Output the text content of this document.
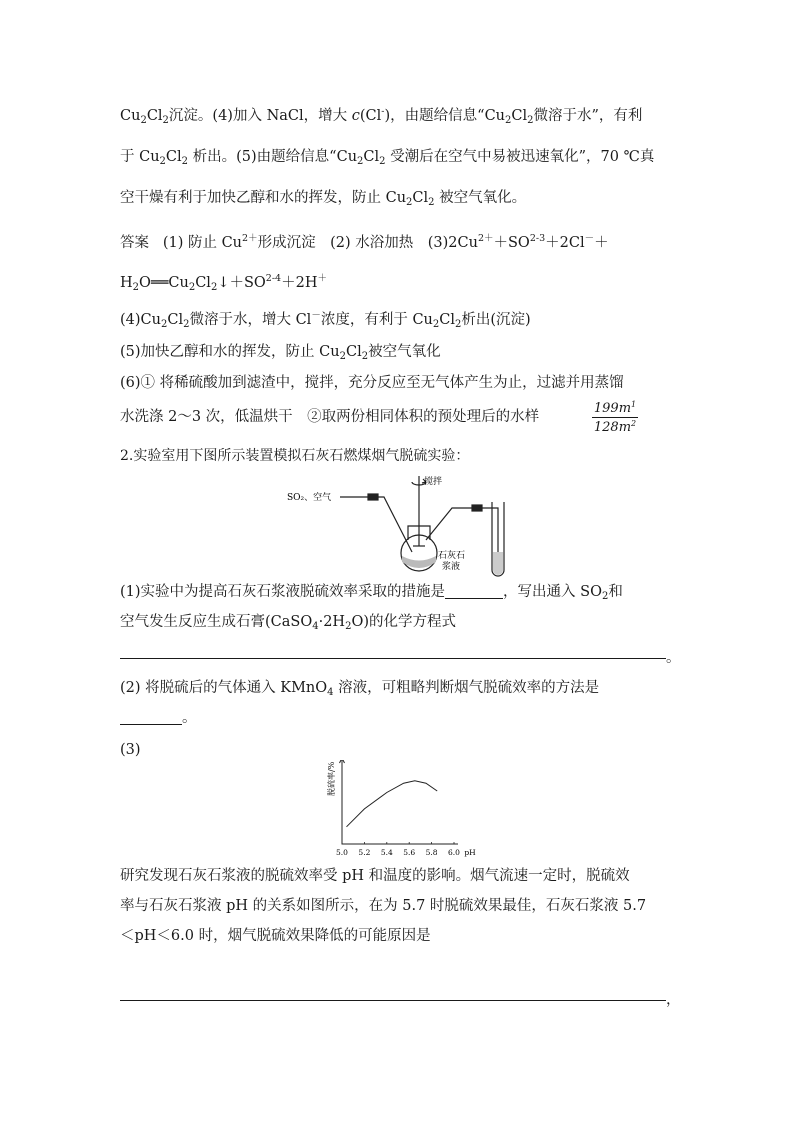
$Cu_2Cl_2$沉淀。(4)加入 NaCl，增大 c(Cl-)，由题给信息“$Cu_2Cl_2$微溶于水”，有利
于 $Cu_2Cl_2$ 析出。(5)由题给信息“$Cu_2Cl_2$ 受潮后在空气中易被迅速氧化”，70 ℃真
空干燥有利于加快乙醇和水的挥发，防止 $Cu_2Cl_2$ 被空气氧化。
答案 (1) 防止 $Cu^{2+}$形成沉淀　(2) 水浴加热　$(3)2Cu^{2+}+SO^{2-3}+2Cl^-+$
$H_2O══Cu_2Cl_2↓+SO^{2-4}+2H^+$
$(4)Cu_2Cl_2$微溶于水，增大 Cl－浓度，有利于 $Cu_2Cl_2$析出(沉淀)
(5)加快乙醇和水的挥发，防止 $Cu_2Cl_2$被空气氧化
(6)① 将稀硫酸加到滤渣中，搅拌，充分反应至无气体产生为止，过滤并用蒸馏
水洗涤 2～3 次，低温烘干　②取两份相同体积的预处理后的水样
$199m^1$
$128m^2$
2.实验室用下图所示装置模拟石灰石燃煤烟气脱硫实验：
SO₂、空气
搅拌
石灰石
浆液
(1)实验中为提高石灰石浆液脱硫效率采取的措施是	，写出通入 $SO_2$和
空气发生反应生成石膏$(CaSO_4\cdot 2H_2O)$的化学方程式
。
(2) 将脱硫后的气体通入 KMnO$_4$ 溶液，可粗略判断烟气脱硫效率的方法是
。
(3)
脱硫率/%
5.0 5.2 5.4 5.6 5.8 6.0 pH
研究发现石灰石浆液的脱硫效率受 pH 和温度的影响。烟气流速一定时，脱硫效
率与石灰石浆液 pH 的关系如图所示，在为 5.7 时脱硫效果最佳，石灰石浆液 5.7
＜pH＜6.0 时，烟气脱硫效果降低的可能原因是
，
